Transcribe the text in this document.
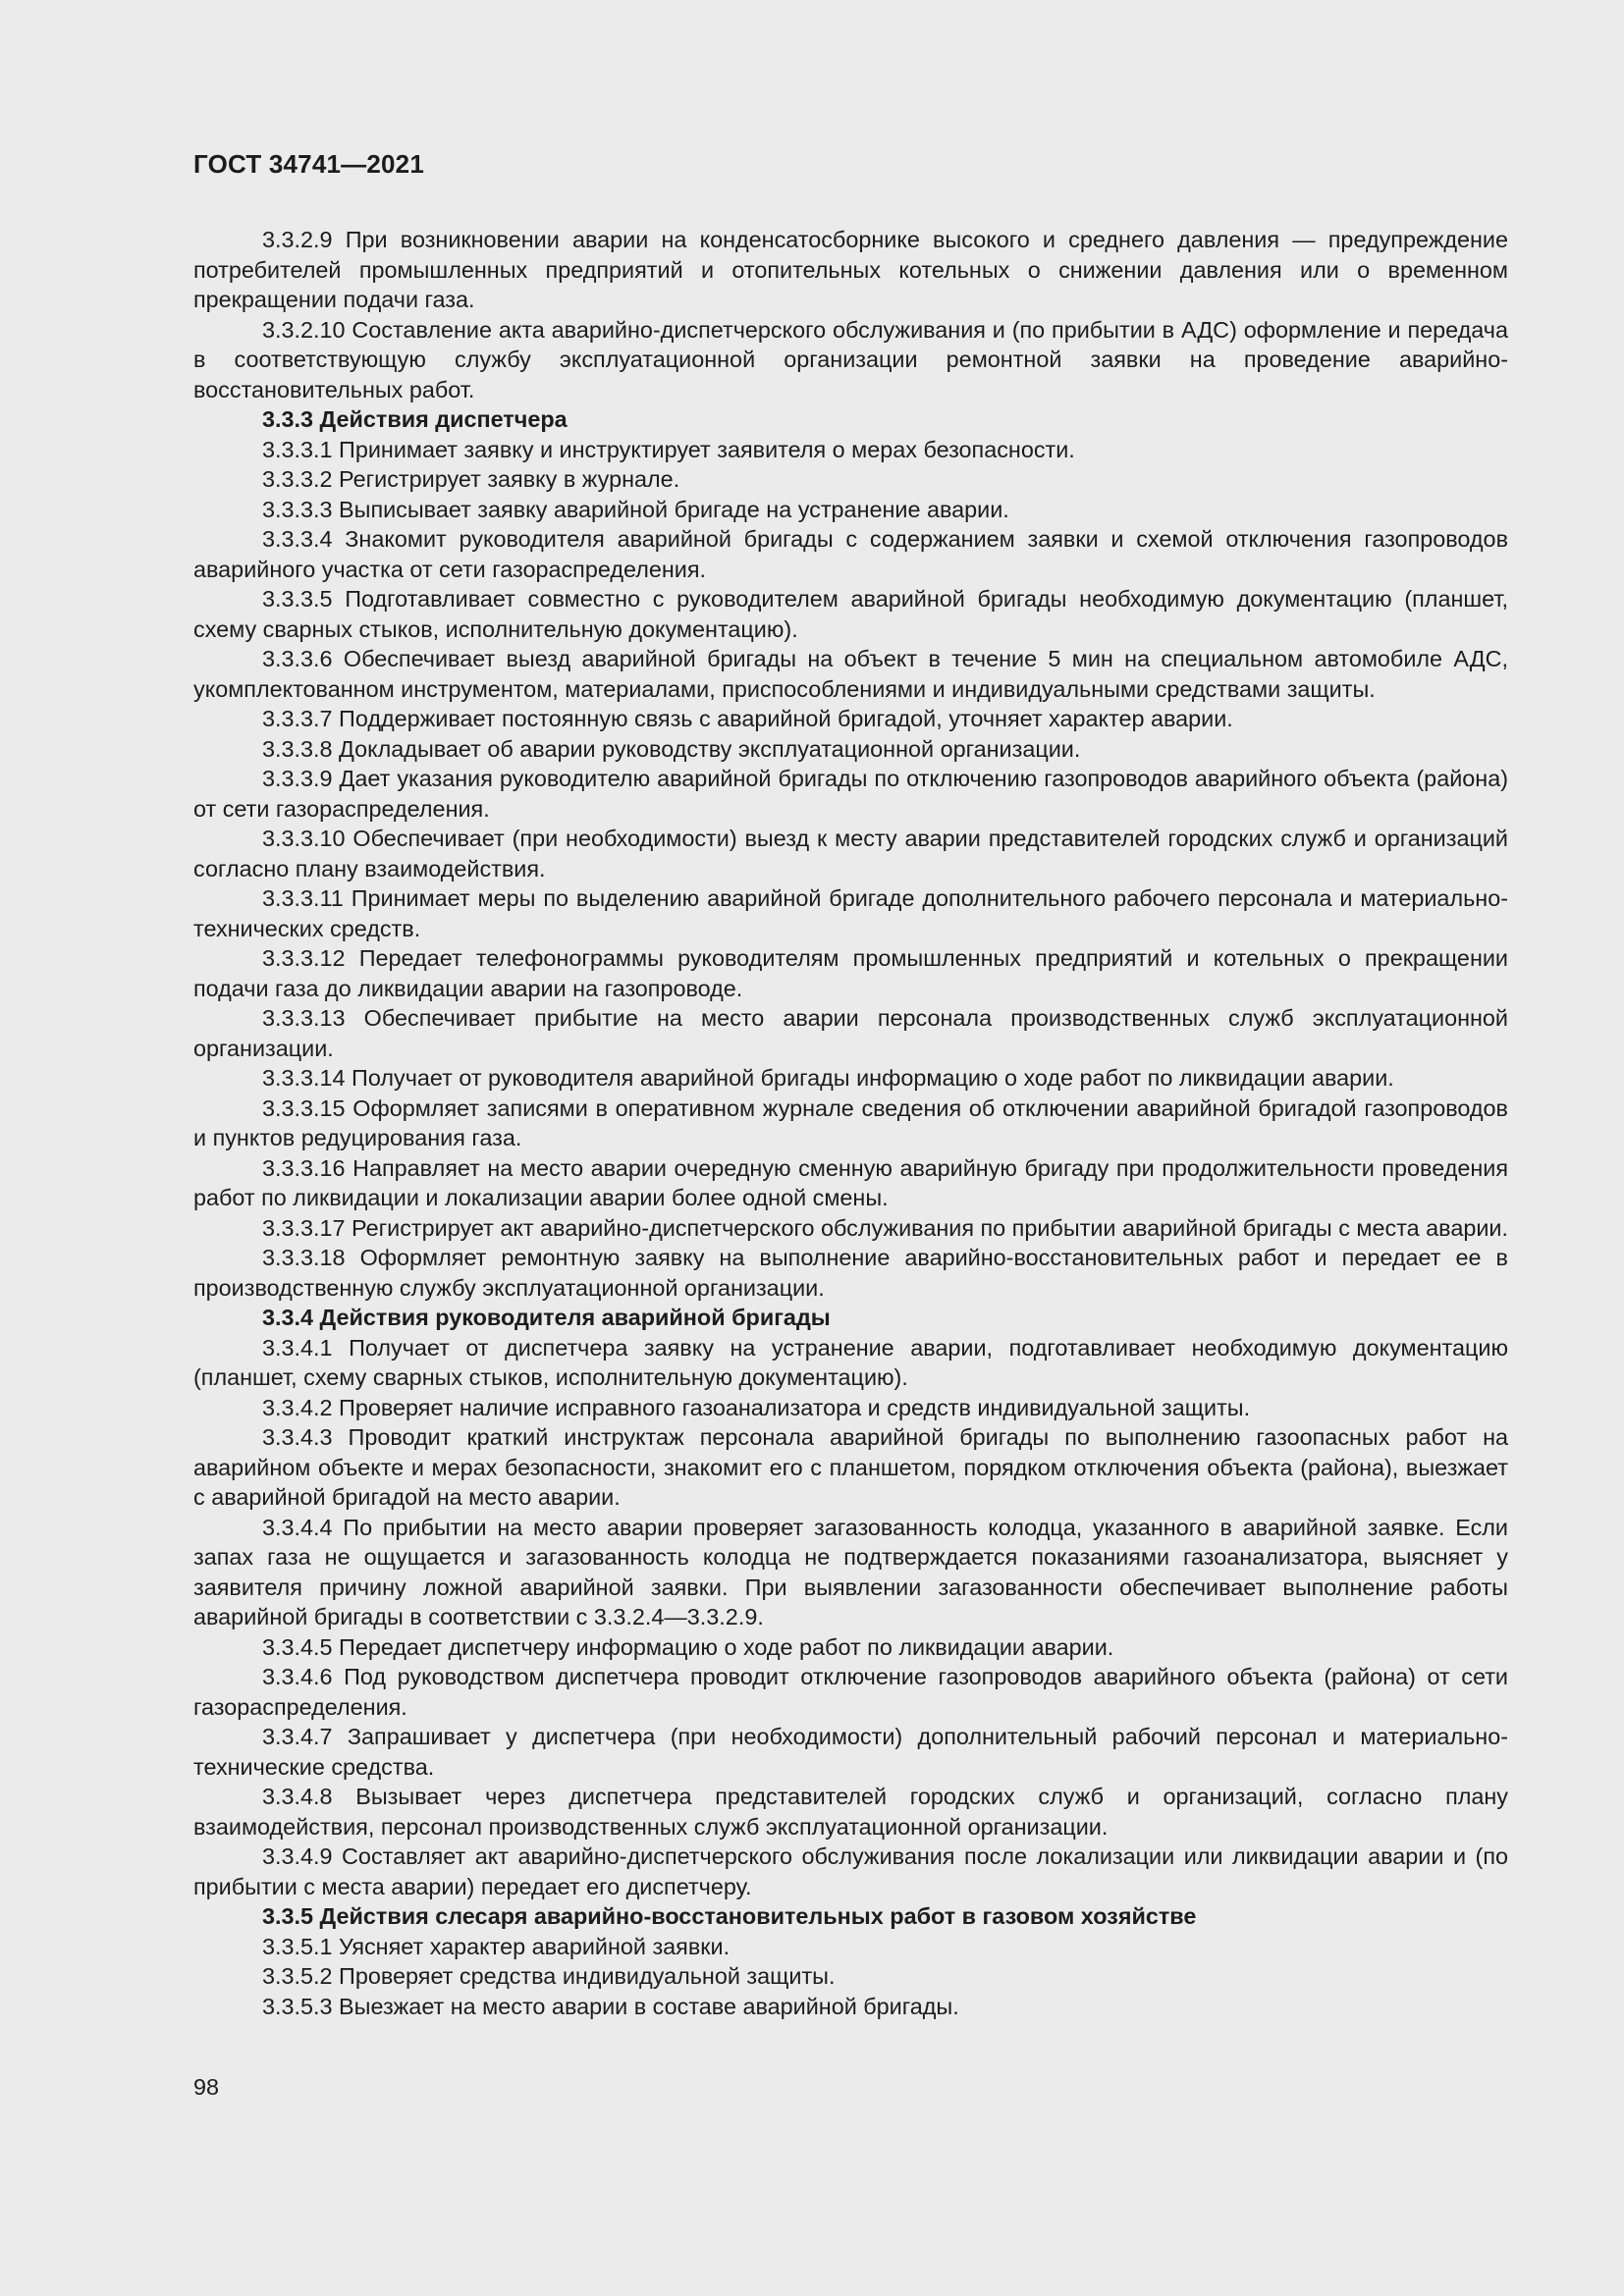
ГОСТ 34741—2021

3.3.2.9 При возникновении аварии на конденсатосборнике высокого и среднего давления — предупреждение потребителей промышленных предприятий и отопительных котельных о снижении давления или о временном прекращении подачи газа.

3.3.2.10 Составление акта аварийно-диспетчерского обслуживания и (по прибытии в АДС) оформление и передача в соответствующую службу эксплуатационной организации ремонтной заявки на проведение аварийно-восстановительных работ.

3.3.3 Действия диспетчера

3.3.3.1 Принимает заявку и инструктирует заявителя о мерах безопасности.

3.3.3.2 Регистрирует заявку в журнале.

3.3.3.3 Выписывает заявку аварийной бригаде на устранение аварии.

3.3.3.4 Знакомит руководителя аварийной бригады с содержанием заявки и схемой отключения газопроводов аварийного участка от сети газораспределения.

3.3.3.5 Подготавливает совместно с руководителем аварийной бригады необходимую документацию (планшет, схему сварных стыков, исполнительную документацию).

3.3.3.6 Обеспечивает выезд аварийной бригады на объект в течение 5 мин на специальном автомобиле АДС, укомплектованном инструментом, материалами, приспособлениями и индивидуальными средствами защиты.

3.3.3.7 Поддерживает постоянную связь с аварийной бригадой, уточняет характер аварии.

3.3.3.8 Докладывает об аварии руководству эксплуатационной организации.

3.3.3.9 Дает указания руководителю аварийной бригады по отключению газопроводов аварийного объекта (района) от сети газораспределения.

3.3.3.10 Обеспечивает (при необходимости) выезд к месту аварии представителей городских служб и организаций согласно плану взаимодействия.

3.3.3.11 Принимает меры по выделению аварийной бригаде дополнительного рабочего персонала и материально-технических средств.

3.3.3.12 Передает телефонограммы руководителям промышленных предприятий и котельных о прекращении подачи газа до ликвидации аварии на газопроводе.

3.3.3.13 Обеспечивает прибытие на место аварии персонала производственных служб эксплуатационной организации.

3.3.3.14 Получает от руководителя аварийной бригады информацию о ходе работ по ликвидации аварии.

3.3.3.15 Оформляет записями в оперативном журнале сведения об отключении аварийной бригадой газопроводов и пунктов редуцирования газа.

3.3.3.16 Направляет на место аварии очередную сменную аварийную бригаду при продолжительности проведения работ по ликвидации и локализации аварии более одной смены.

3.3.3.17 Регистрирует акт аварийно-диспетчерского обслуживания по прибытии аварийной бригады с места аварии.

3.3.3.18 Оформляет ремонтную заявку на выполнение аварийно-восстановительных работ и передает ее в производственную службу эксплуатационной организации.

3.3.4 Действия руководителя аварийной бригады

3.3.4.1 Получает от диспетчера заявку на устранение аварии, подготавливает необходимую документацию (планшет, схему сварных стыков, исполнительную документацию).

3.3.4.2 Проверяет наличие исправного газоанализатора и средств индивидуальной защиты.

3.3.4.3 Проводит краткий инструктаж персонала аварийной бригады по выполнению газоопасных работ на аварийном объекте и мерах безопасности, знакомит его с планшетом, порядком отключения объекта (района), выезжает с аварийной бригадой на место аварии.

3.3.4.4 По прибытии на место аварии проверяет загазованность колодца, указанного в аварийной заявке. Если запах газа не ощущается и загазованность колодца не подтверждается показаниями газоанализатора, выясняет у заявителя причину ложной аварийной заявки. При выявлении загазованности обеспечивает выполнение работы аварийной бригады в соответствии с 3.3.2.4—3.3.2.9.

3.3.4.5 Передает диспетчеру информацию о ходе работ по ликвидации аварии.

3.3.4.6 Под руководством диспетчера проводит отключение газопроводов аварийного объекта (района) от сети газораспределения.

3.3.4.7 Запрашивает у диспетчера (при необходимости) дополнительный рабочий персонал и материально-технические средства.

3.3.4.8 Вызывает через диспетчера представителей городских служб и организаций, согласно плану взаимодействия, персонал производственных служб эксплуатационной организации.

3.3.4.9 Составляет акт аварийно-диспетчерского обслуживания после локализации или ликвидации аварии и (по прибытии с места аварии) передает его диспетчеру.

3.3.5 Действия слесаря аварийно-восстановительных работ в газовом хозяйстве

3.3.5.1 Уясняет характер аварийной заявки.

3.3.5.2 Проверяет средства индивидуальной защиты.

3.3.5.3 Выезжает на место аварии в составе аварийной бригады.

98
